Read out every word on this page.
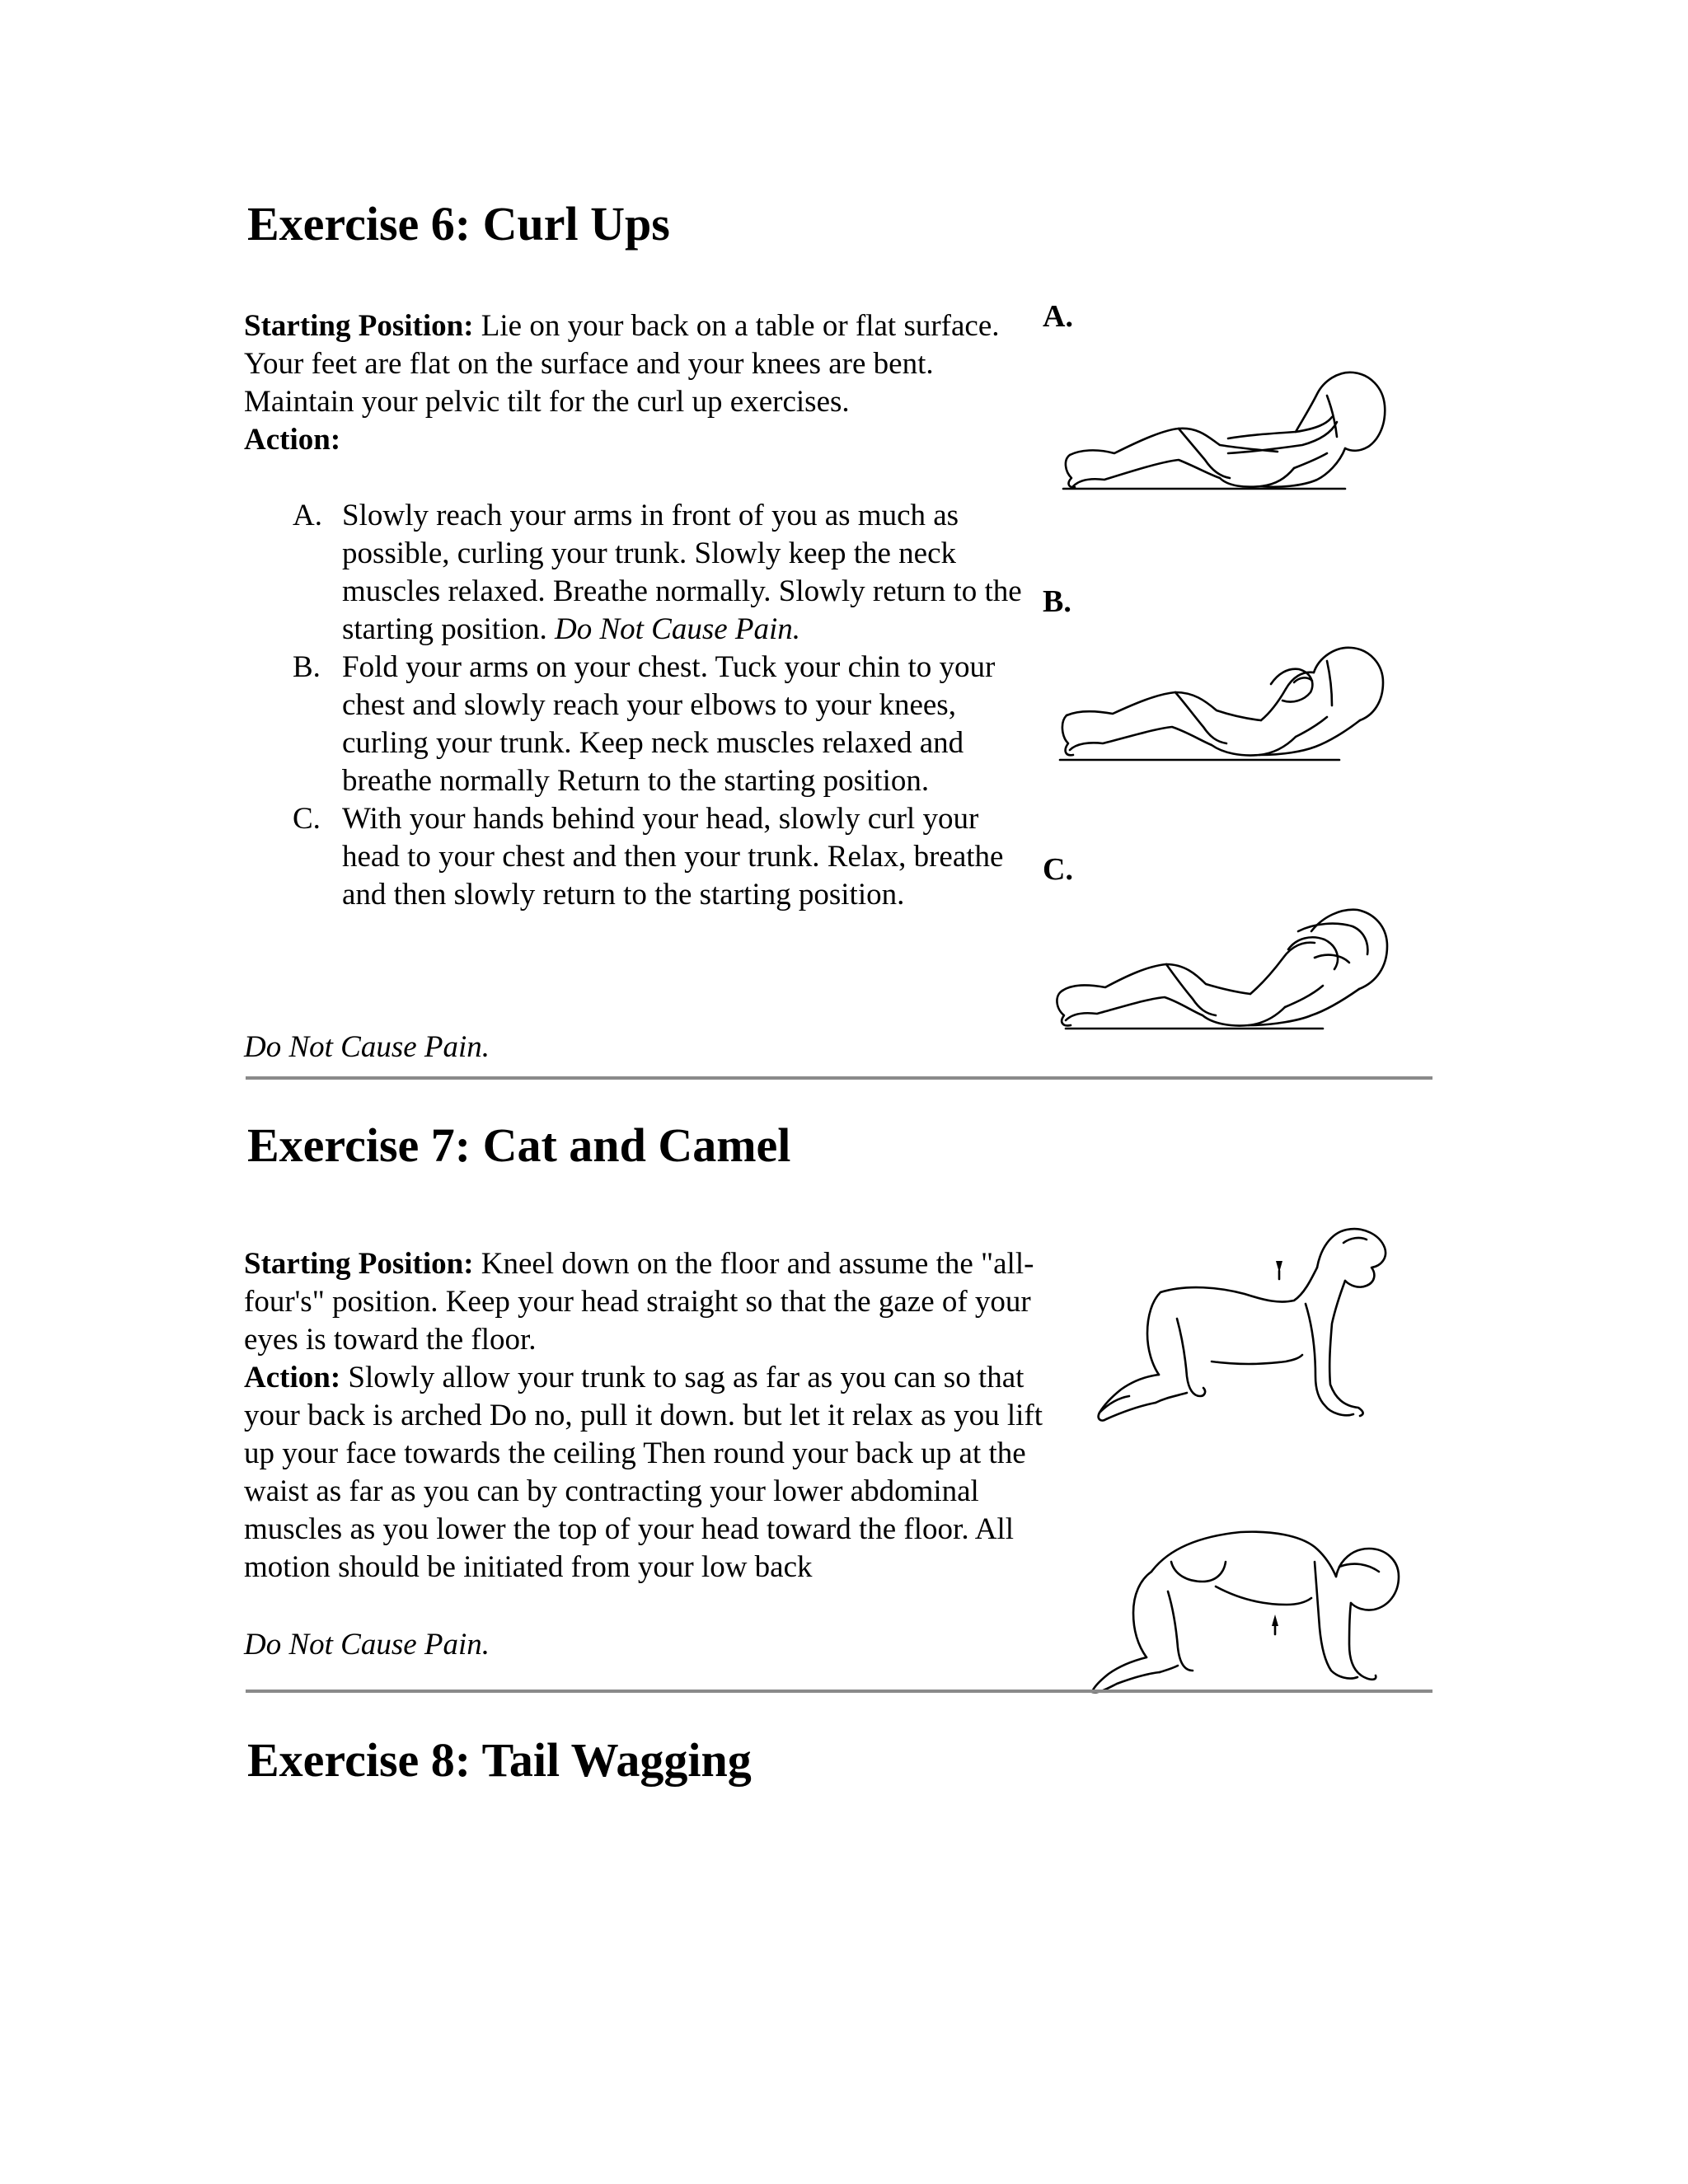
Exercise 6: Curl Ups

Starting Position: Lie on your back on a table or flat surface. Your feet are flat on the surface and your knees are bent. Maintain your pelvic tilt for the curl up exercises.
Action:

A. Slowly reach your arms in front of you as much as possible, curling your trunk. Slowly keep the neck muscles relaxed. Breathe normally. Slowly return to the starting position. Do Not Cause Pain.
B. Fold your arms on your chest. Tuck your chin to your chest and slowly reach your elbows to your knees, curling your trunk. Keep neck muscles relaxed and breathe normally Return to the starting position.
C. With your hands behind your head, slowly curl your head to your chest and then your trunk. Relax, breathe and then slowly return to the starting position.

Do Not Cause Pain.

A.
B.
C.
Exercise 7: Cat and Camel

Starting Position: Kneel down on the floor and assume the "all-four's" position. Keep your head straight so that the gaze of your eyes is toward the floor.
Action: Slowly allow your trunk to sag as far as you can so that your back is arched Do no, pull it down. but let it relax as you lift up your face towards the ceiling Then round your back up at the waist as far as you can by contracting your lower abdominal muscles as you lower the top of your head toward the floor. All motion should be initiated from your low back

Do Not Cause Pain.

Exercise 8: Tail Wagging
